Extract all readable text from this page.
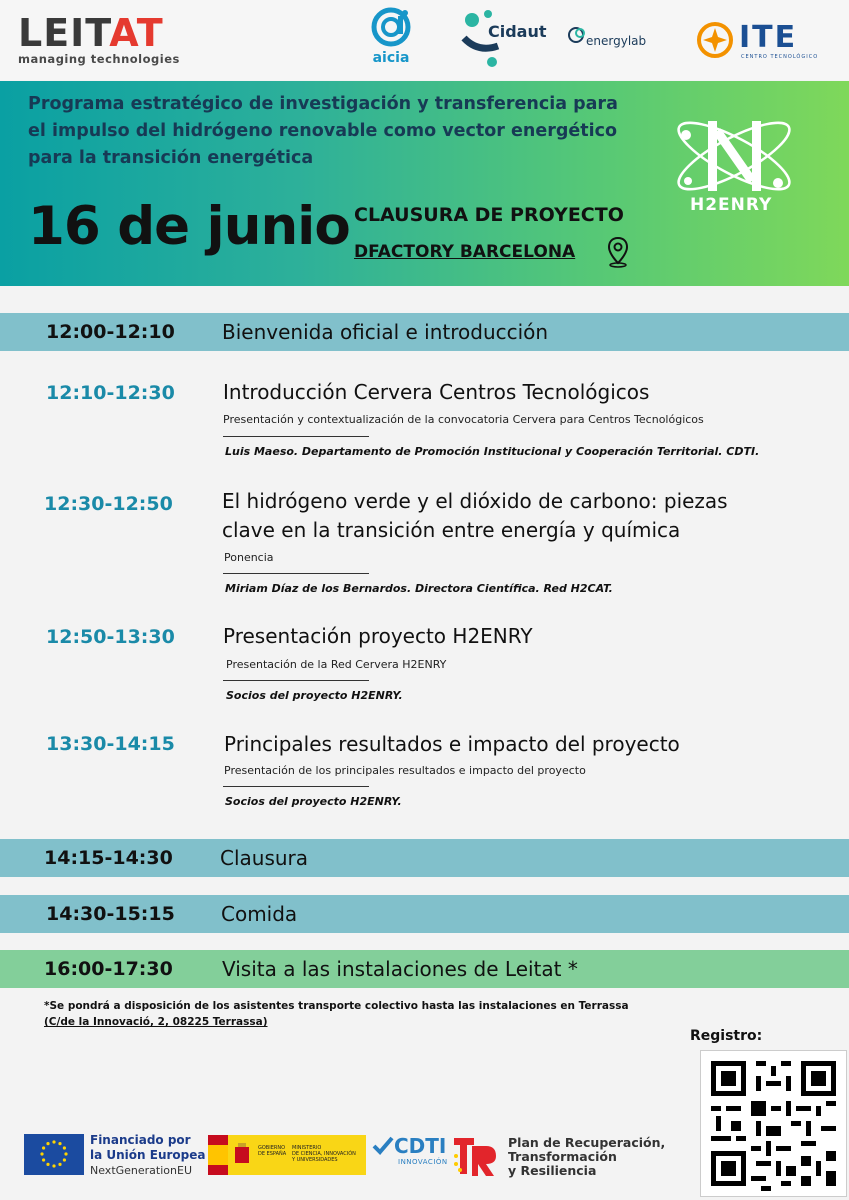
LEITAT
managing technologies	aicia
Cidaut	energylab	ITE
CENTRO TECNOLÓGICO
Programa estratégico de investigación y transferencia para el impulso del hidrógeno renovable como vector energético para la transición energética
16 de junio CLAUSURA DE PROYECTO
DFACTORY BARCELONA
H2ENRY
12:00-12:10 Bienvenida oficial e introducción
12:10-12:30 Introducción Cervera Centros Tecnológicos
Presentación y contextualización de la convocatoria Cervera para Centros Tecnológicos
Luis Maeso. Departamento de Promoción Institucional y Cooperación Territorial. CDTI.
12:30-12:50 El hidrógeno verde y el dióxido de carbono: piezas
clave en la transición entre energía y química
Ponencia
Miriam Díaz de los Bernardos. Directora Científica. Red H2CAT.
12:50-13:30 Presentación proyecto H2ENRY
Presentación de la Red Cervera H2ENRY
Socios del proyecto H2ENRY.
13:30-14:15 Principales resultados e impacto del proyecto
Presentación de los principales resultados e impacto del proyecto
Socios del proyecto H2ENRY.
14:15-14:30 Clausura
14:30-15:15 Comida
16:00-17:30 Visita a las instalaciones de Leitat *
*Se pondrá a disposición de los asistentes transporte colectivo hasta las instalaciones en Terrassa
(C/de la Innovació, 2, 08225 Terrassa)
Registro:
Financiado por
la Unión Europea
NextGenerationEU
GOBIERNO
DE ESPAÑA
MINISTERIO
DE CIENCIA, INNOVACIÓN
Y UNIVERSIDADES
CDTI
INNOVACIÓN
Plan de Recuperación,
Transformación
y Resiliencia
